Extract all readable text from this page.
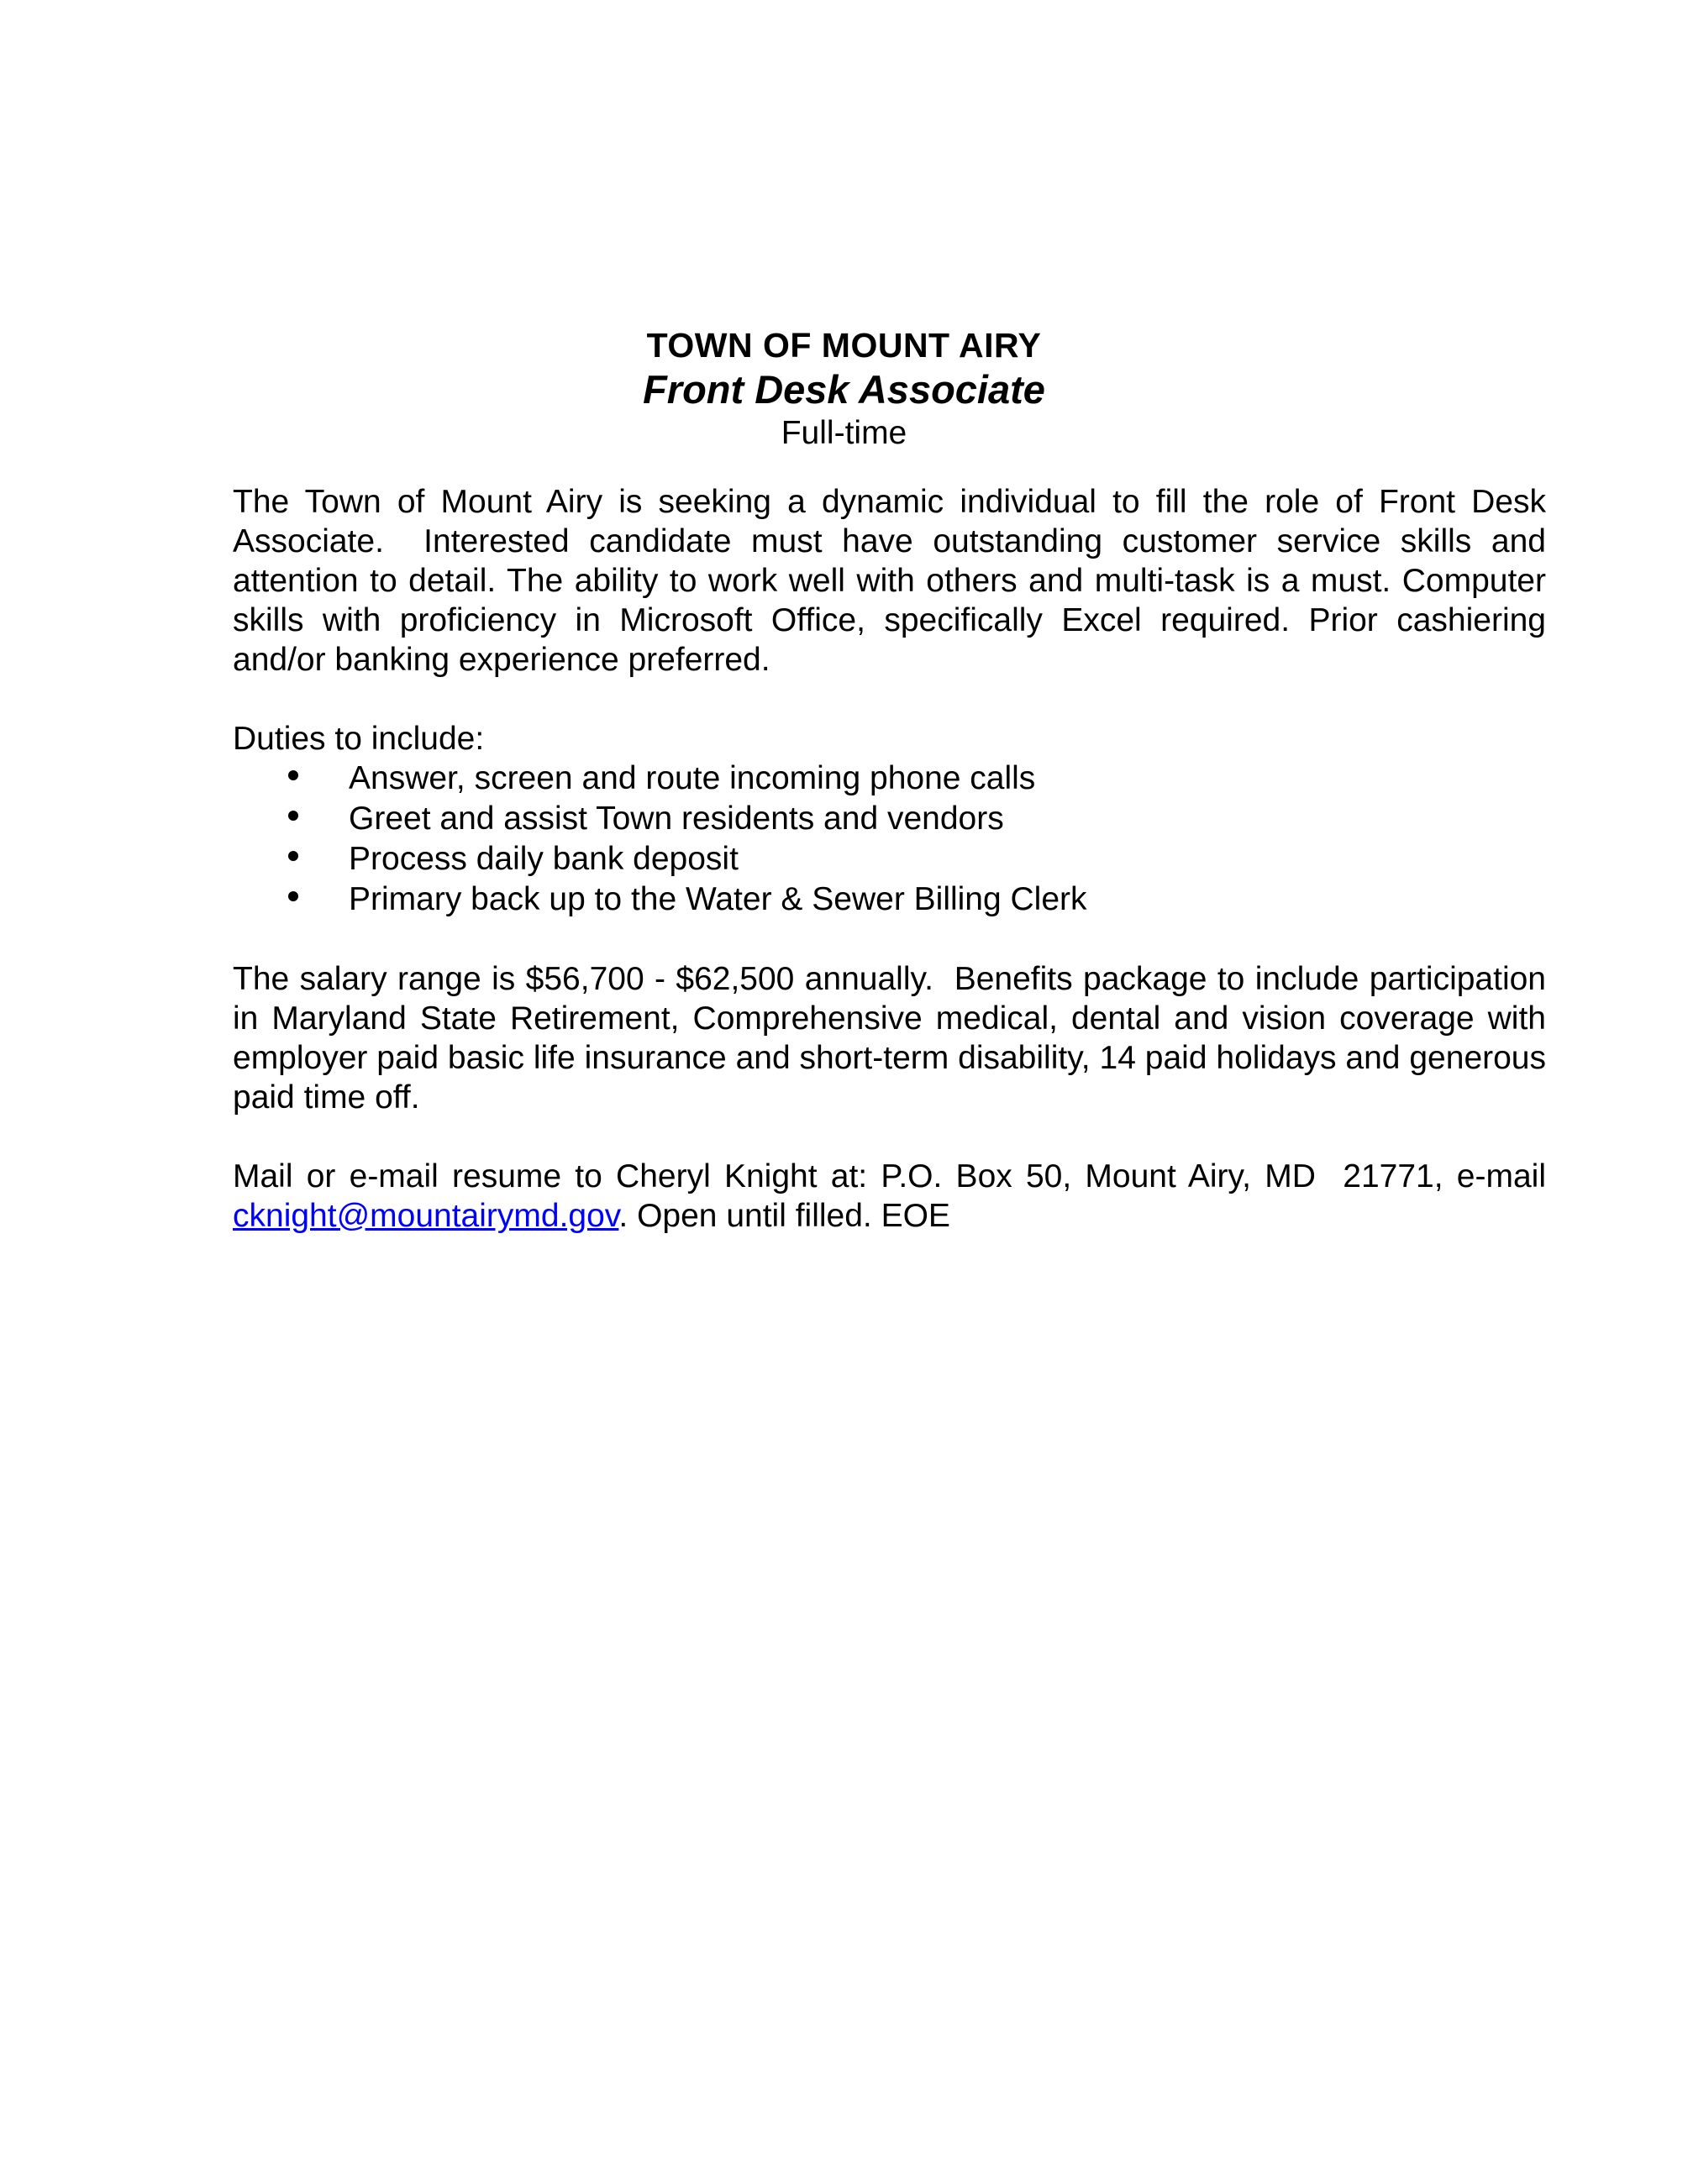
TOWN OF MOUNT AIRY
Front Desk Associate
Full-time

The Town of Mount Airy is seeking a dynamic individual to fill the role of Front Desk Associate.  Interested candidate must have outstanding customer service skills and attention to detail. The ability to work well with others and multi-task is a must. Computer skills with proficiency in Microsoft Office, specifically Excel required. Prior cashiering and/or banking experience preferred.

Duties to include:

Answer, screen and route incoming phone calls
Greet and assist Town residents and vendors
Process daily bank deposit
Primary back up to the Water & Sewer Billing Clerk

The salary range is $56,700 - $62,500 annually.  Benefits package to include participation in Maryland State Retirement, Comprehensive medical, dental and vision coverage with employer paid basic life insurance and short-term disability, 14 paid holidays and generous paid time off.

Mail or e-mail resume to Cheryl Knight at: P.O. Box 50, Mount Airy, MD  21771, e-mail cknight@mountairymd.gov. Open until filled. EOE
